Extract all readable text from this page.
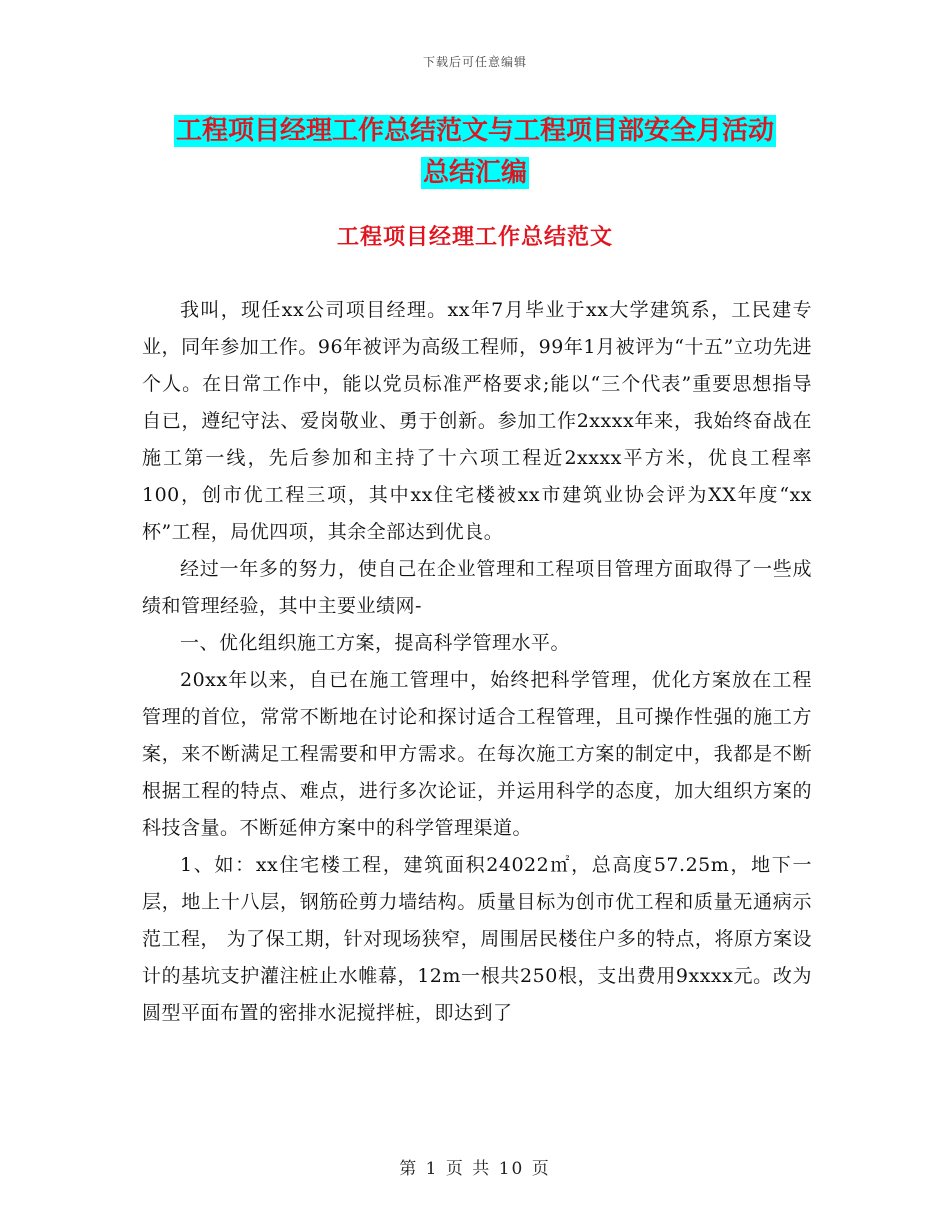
下载后可任意编辑
工程项目经理工作总结范文与工程项目部安全月活动
总结汇编
工程项目经理工作总结范文

我叫，现任xx公司项目经理。xx年7月毕业于xx大学建筑系，工民建专业，同年参加工作。96年被评为高级工程师，99年1月被评为“十五”立功先进个人。在日常工作中，能以党员标准严格要求;能以“三个代表”重要思想指导自已，遵纪守法、爱岗敬业、勇于创新。参加工作2xxxx年来，我始终奋战在施工第一线，先后参加和主持了十六项工程近2xxxx平方米，优良工程率100，创市优工程三项，其中xx住宅楼被xx市建筑业协会评为XX年度“xx杯”工程，局优四项，其余全部达到优良。

经过一年多的努力，使自己在企业管理和工程项目管理方面取得了一些成绩和管理经验，其中主要业绩网-

一、优化组织施工方案，提高科学管理水平。

20xx年以来，自已在施工管理中，始终把科学管理，优化方案放在工程管理的首位，常常不断地在讨论和探讨适合工程管理，且可操作性强的施工方案，来不断满足工程需要和甲方需求。在每次施工方案的制定中，我都是不断根据工程的特点、难点，进行多次论证，并运用科学的态度，加大组织方案的科技含量。不断延伸方案中的科学管理渠道。

1、如：xx住宅楼工程，建筑面积24022㎡，总高度57.25m，地下一层，地上十八层，钢筋砼剪力墙结构。质量目标为创市优工程和质量无通病示范工程， 为了保工期，针对现场狭窄，周围居民楼住户多的特点，将原方案设计的基坑支护灌注桩止水帷幕，12m一根共250根，支出费用9xxxx元。改为圆型平面布置的密排水泥搅拌桩，即达到了

第 1 页 共 10 页
